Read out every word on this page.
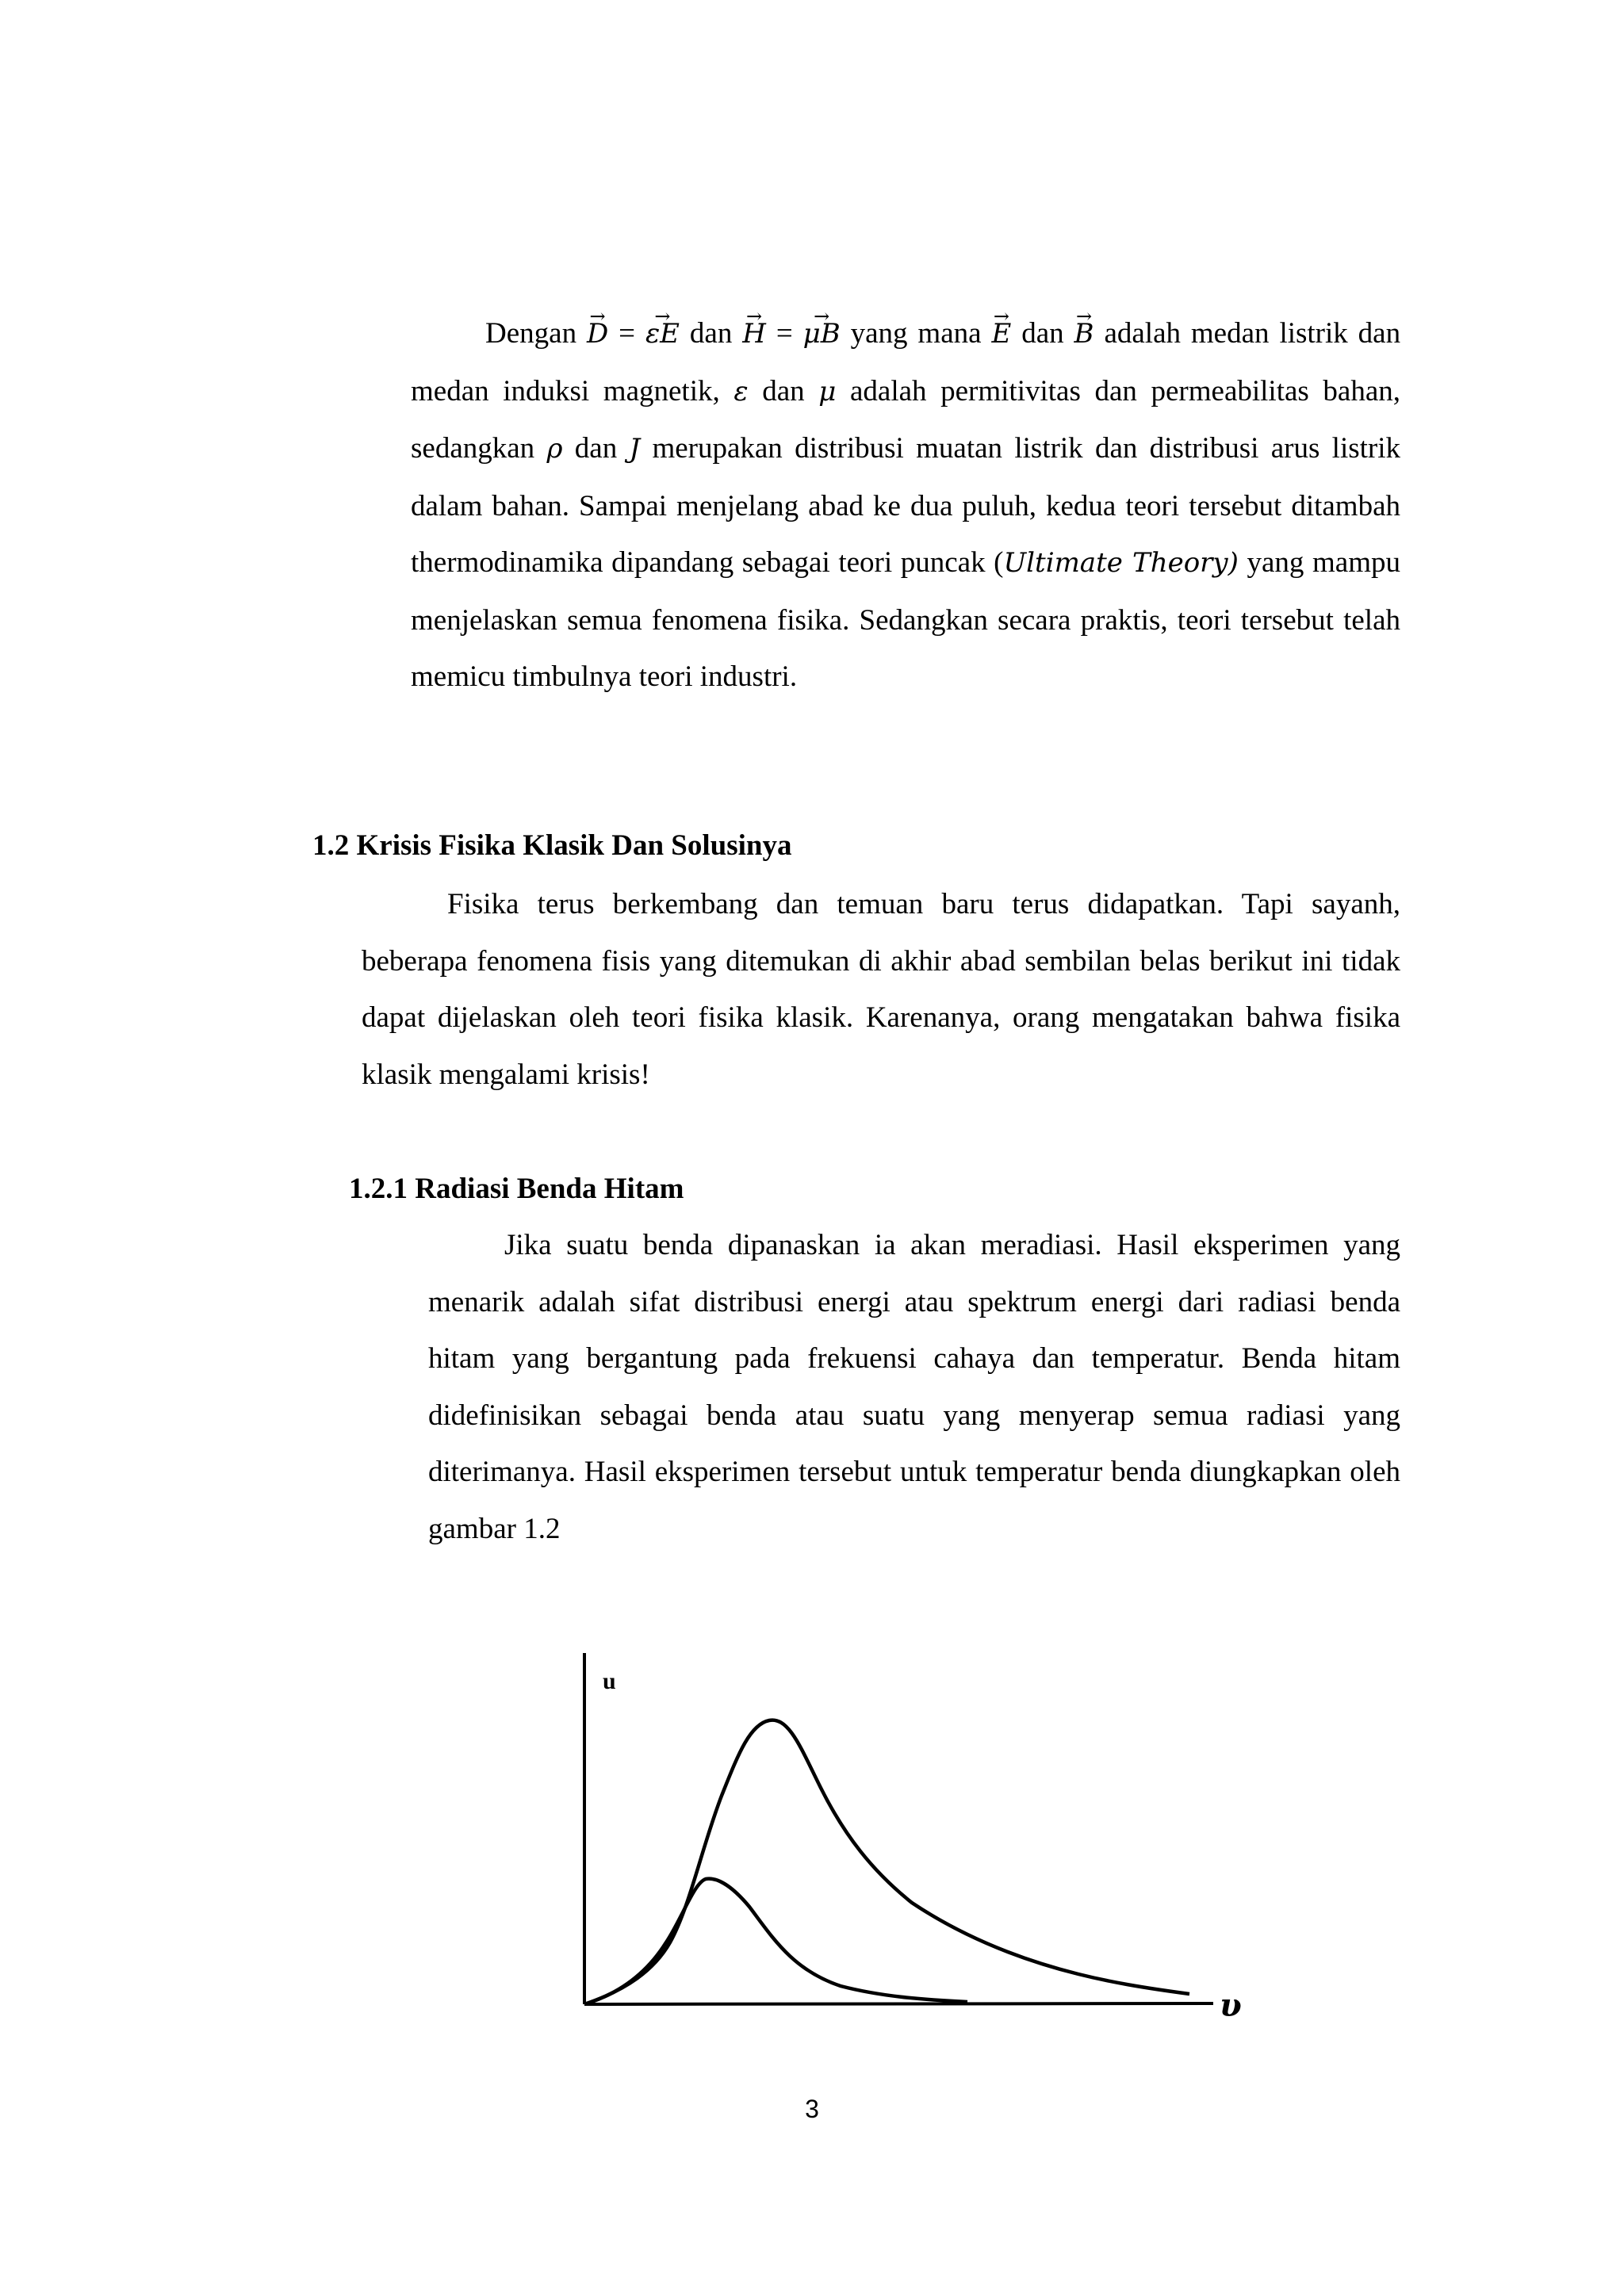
Dengan → D = → εE dan → H = → μB yang mana → E dan → B adalah medan listrik dan medan induksi magnetik, ε dan μ adalah permitivitas dan permeabilitas bahan, sedangkan ρ dan J merupakan distribusi muatan listrik dan distribusi arus listrik dalam bahan. Sampai menjelang abad ke dua puluh, kedua teori tersebut ditambah thermodinamika dipandang sebagai teori puncak (Ultimate Theory) yang mampu menjelaskan semua fenomena fisika. Sedangkan secara praktis, teori tersebut telah memicu timbulnya teori industri.

1.2 Krisis Fisika Klasik Dan Solusinya

Fisika terus berkembang dan temuan baru terus didapatkan. Tapi sayanh, beberapa fenomena fisis yang ditemukan di akhir abad sembilan belas berikut ini tidak dapat dijelaskan oleh teori fisika klasik. Karenanya, orang mengatakan bahwa fisika klasik mengalami krisis!

1.2.1 Radiasi Benda Hitam

Jika suatu benda dipanaskan ia akan meradiasi. Hasil eksperimen yang menarik adalah sifat distribusi energi atau spektrum energi dari radiasi benda hitam yang bergantung pada frekuensi cahaya dan temperatur. Benda hitam didefinisikan sebagai benda atau suatu yang menyerap semua radiasi yang diterimanya. Hasil eksperimen tersebut untuk temperatur benda diungkapkan oleh gambar 1.2

u
υ
3
